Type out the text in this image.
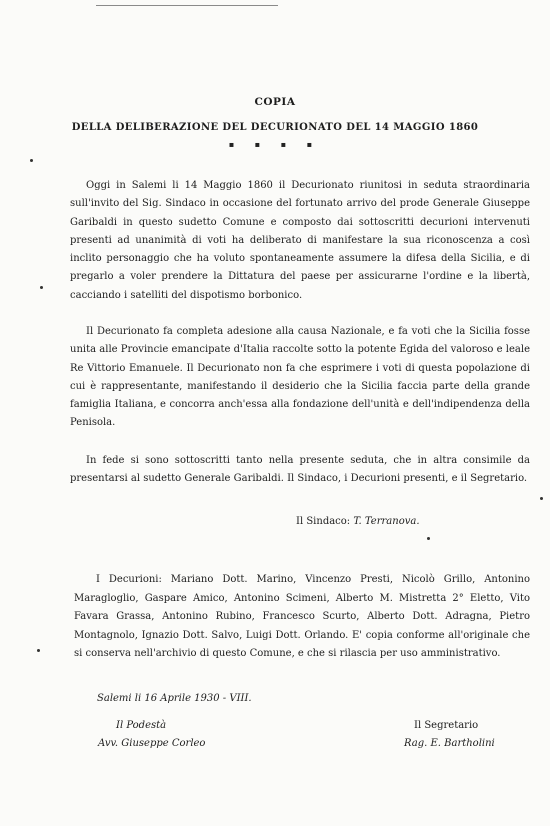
COPIA
DELLA DELIBERAZIONE DEL DECURIONATO DEL 14 MAGGIO 1860
▪ ▪ ▪ ▪
Oggi in Salemi li 14 Maggio 1860 il Decurionato riunitosi in seduta straordinaria sull'invito del Sig. Sindaco in occasione del fortunato arrivo del prode Generale Giuseppe Garibaldi in questo sudetto Comune e composto dai sottoscritti decurioni intervenuti presenti ad unanimità di voti ha deliberato di manifestare la sua riconoscenza a così inclito personaggio che ha voluto spontaneamente assumere la difesa della Sicilia, e di pregarlo a voler prendere la Dittatura del paese per assicurarne l'ordine e la libertà, cacciando i satelliti del dispotismo borbonico.
Il Decurionato fa completa adesione alla causa Nazionale, e fa voti che la Sicilia fosse unita alle Provincie emancipate d'Italia raccolte sotto la potente Egida del valoroso e leale Re Vittorio Emanuele. Il Decurionato non fa che esprimere i voti di questa popolazione di cui è rappresentante, manifestando il desiderio che la Sicilia faccia parte della grande famiglia Italiana, e concorra anch'essa alla fondazione dell'unità e dell'indipendenza della Penisola.
In fede si sono sottoscritti tanto nella presente seduta, che in altra consimile da presentarsi al sudetto Generale Garibaldi. Il Sindaco, i Decurioni presenti, e il Segretario.
Il Sindaco: T. Terranova.
I Decurioni: Mariano Dott. Marino, Vincenzo Presti, Nicolò Grillo, Antonino Maragloglio, Gaspare Amico, Antonino Scimeni, Alberto M. Mistretta 2° Eletto, Vito Favara Grassa, Antonino Rubino, Francesco Scurto, Alberto Dott. Adragna, Pietro Montagnolo, Ignazio Dott. Salvo, Luigi Dott. Orlando. E' copia conforme all'originale che si conserva nell'archivio di questo Comune, e che si rilascia per uso amministrativo.
Salemi li 16 Aprile 1930 - VIII.
Il Podestà
Avv. Giuseppe Corleo
Il Segretario
Rag. E. Bartholini
